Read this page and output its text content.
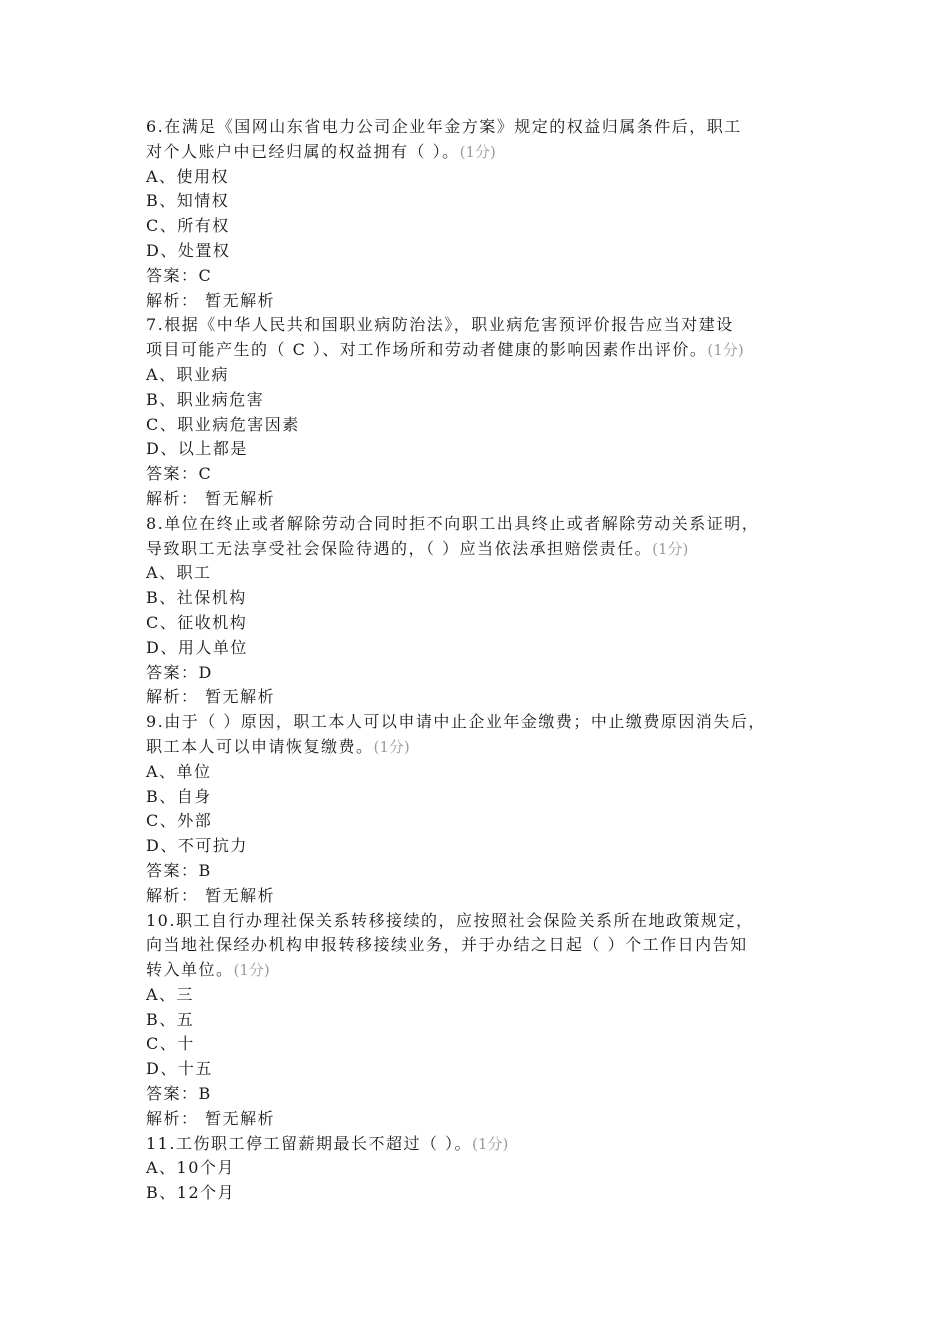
6.在满足《国网山东省电力公司企业年金方案》规定的权益归属条件后，职工
对个人账户中已经归属的权益拥有（ ）。(1分)
A、使用权
B、知情权
C、所有权
D、处置权
答案：C
解析： 暂无解析
7.根据《中华人民共和国职业病防治法》，职业病危害预评价报告应当对建设
项目可能产生的（ C ）、对工作场所和劳动者健康的影响因素作出评价。(1分)
A、职业病
B、职业病危害
C、职业病危害因素
D、以上都是
答案：C
解析： 暂无解析
8.单位在终止或者解除劳动合同时拒不向职工出具终止或者解除劳动关系证明，
导致职工无法享受社会保险待遇的，（ ）应当依法承担赔偿责任。(1分)
A、职工
B、社保机构
C、征收机构
D、用人单位
答案：D
解析： 暂无解析
9.由于（ ）原因，职工本人可以申请中止企业年金缴费；中止缴费原因消失后，
职工本人可以申请恢复缴费。(1分)
A、单位
B、自身
C、外部
D、不可抗力
答案：B
解析： 暂无解析
10.职工自行办理社保关系转移接续的，应按照社会保险关系所在地政策规定，
向当地社保经办机构申报转移接续业务，并于办结之日起（ ）个工作日内告知
转入单位。(1分)
A、三
B、五
C、十
D、十五
答案：B
解析： 暂无解析
11.工伤职工停工留薪期最长不超过（ ）。(1分)
A、10个月
B、12个月
